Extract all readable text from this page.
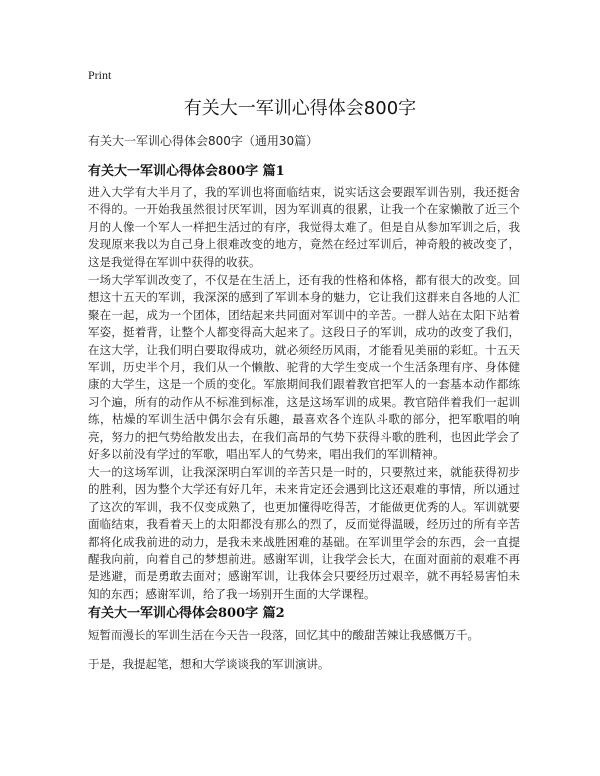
Print
有关大一军训心得体会800字
有关大一军训心得体会800字（通用30篇）
有关大一军训心得体会800字 篇1

进入大学有大半月了，我的军训也将面临结束，说实话这会要跟军训告别，我还挺舍不得的。一开始我虽然很讨厌军训，因为军训真的很累，让我一个在家懒散了近三个月的人像一个军人一样把生活过的有序，我觉得太难了。但是自从参加军训之后，我发现原来我以为自己身上很难改变的地方，竟然在经过军训后，神奇般的被改变了，这是我觉得在军训中获得的收获。

一场大学军训改变了，不仅是在生活上，还有我的性格和体格，都有很大的改变。回想这十五天的军训，我深深的感到了军训本身的魅力，它让我们这群来自各地的人汇聚在一起，成为一个团体，团结起来共同面对军训中的辛苦。一群人站在太阳下站着军姿，挺着背，让整个人都变得高大起来了。这段日子的军训，成功的改变了我们，在这大学，让我们明白要取得成功，就必须经历风雨，才能看见美丽的彩虹。十五天军训，历史半个月，我们从一个懒散、驼背的大学生变成一个生活条理有序、身体健康的大学生，这是一个质的变化。军旅期间我们跟着教官把军人的一套基本动作都练习个遍，所有的动作从不标准到标准，这是这场军训的成果。教官陪伴着我们一起训练，枯燥的军训生活中偶尔会有乐趣，最喜欢各个连队斗歌的部分，把军歌唱的响亮，努力的把气势给散发出去，在我们高昂的气势下获得斗歌的胜利，也因此学会了好多以前没有学过的军歌，唱出军人的气势来，唱出我们的军训精神。

大一的这场军训，让我深深明白军训的辛苦只是一时的，只要熬过来，就能获得初步的胜利，因为整个大学还有好几年，未来肯定还会遇到比这还艰难的事情，所以通过了这次的军训，我不仅变成熟了，也更加懂得吃得苦，才能做更优秀的人。军训就要面临结束，我看着天上的太阳都没有那么的烈了，反而觉得温暖，经历过的所有辛苦都将化成我前进的动力，是我未来战胜困难的基础。在军训里学会的东西，会一直提醒我向前，向着自己的梦想前进。感谢军训，让我学会长大，在面对面前的艰难不再是逃避，而是勇敢去面对；感谢军训，让我体会只要经历过艰辛，就不再轻易害怕未知的东西；感谢军训，给了我一场别开生面的大学课程。

有关大一军训心得体会800字 篇2

短暂而漫长的军训生活在今天告一段落，回忆其中的酸甜苦辣让我感慨万千。

于是，我提起笔，想和大学谈谈我的军训演讲。
